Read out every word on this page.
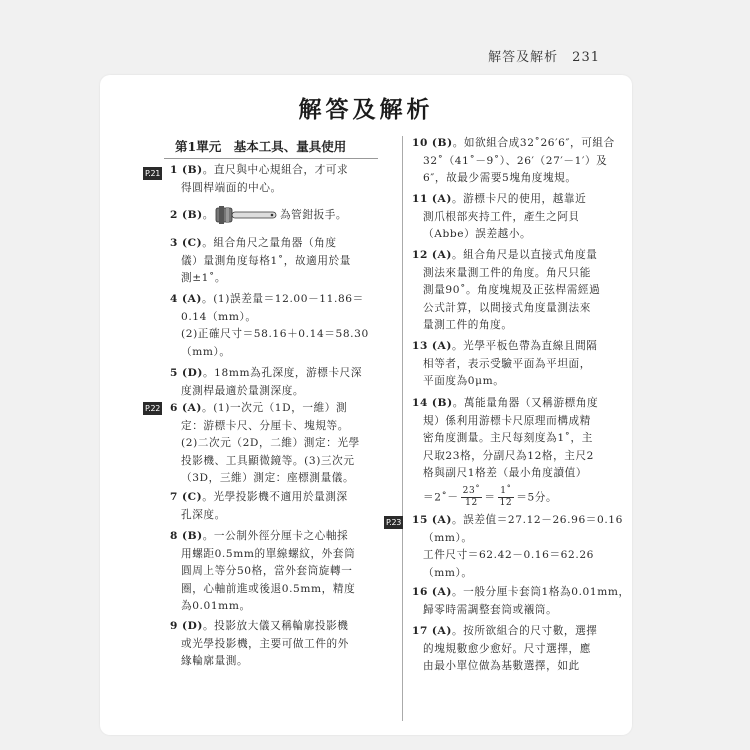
解答及解析　 231
解答及解析
第1單元　基本工具、量具使用
P.21
P.22
P.23
1 (B)。直尺與中心規組合，才可求
得圓桿端面的中心。
2 (B)。	為管鉗扳手。
3 (C)。組合角尺之量角器（角度
儀）量測角度每格1˚，故適用於量
測±1˚。
4 (A)。(1)誤差量＝12.00－11.86＝
0.14（mm）。
(2)正確尺寸＝58.16＋0.14＝58.30
（mm）。
5 (D)。18mm為孔深度，游標卡尺深
度測桿最適於量測深度。
6 (A)。(1)一次元（1D，一維）測
定：游標卡尺、分厘卡、塊規等。
(2)二次元（2D，二維）測定：光學
投影機、工具顯微鏡等。(3)三次元
（3D，三維）測定：座標測量儀。
7 (C)。光學投影機不適用於量測深
孔深度。
8 (B)。一公制外徑分厘卡之心軸採
用螺距0.5mm的單線螺紋，外套筒
圓周上等分50格，當外套筒旋轉一
圈，心軸前進或後退0.5mm，精度
為0.01mm。
9 (D)。投影放大儀又稱輪廓投影機
或光學投影機，主要可做工件的外
緣輪廓量測。
10 (B)。如欲組合成32˚26′6″，可組合
32˚（41˚－9˚）、26′（27′－1′）及
6″，故最少需要5塊角度塊規。
11 (A)。游標卡尺的使用，越靠近
測爪根部夾持工件，產生之阿貝
（Abbe）誤差越小。
12 (A)。組合角尺是以直接式角度量
測法來量測工件的角度。角尺只能
測量90˚。角度塊規及正弦桿需經過
公式計算，以間接式角度量測法來
量測工件的角度。
13 (A)。光學平板色帶為直線且間隔
相等者，表示受驗平面為平坦面，
平面度為0μm。
14 (B)。萬能量角器（又稱游標角度
規）係利用游標卡尺原理而構成精
密角度測量。主尺每刻度為1˚，主
尺取23格，分副尺為12格，主尺2
格與副尺1格差（最小角度讀值）
＝2˚－ $\frac{23˚}{12} = \frac{1˚}{12} =5$分。
15 (A)。誤差值＝27.12－26.96＝0.16
（mm）。
工件尺寸＝62.42－0.16＝62.26
（mm）。
16 (A)。一般分厘卡套筒1格為0.01mm，
歸零時需調整套筒或襯筒。
17 (A)。按所欲組合的尺寸數，選擇
的塊規數愈少愈好。尺寸選擇，應
由最小單位做為基數選擇，如此
